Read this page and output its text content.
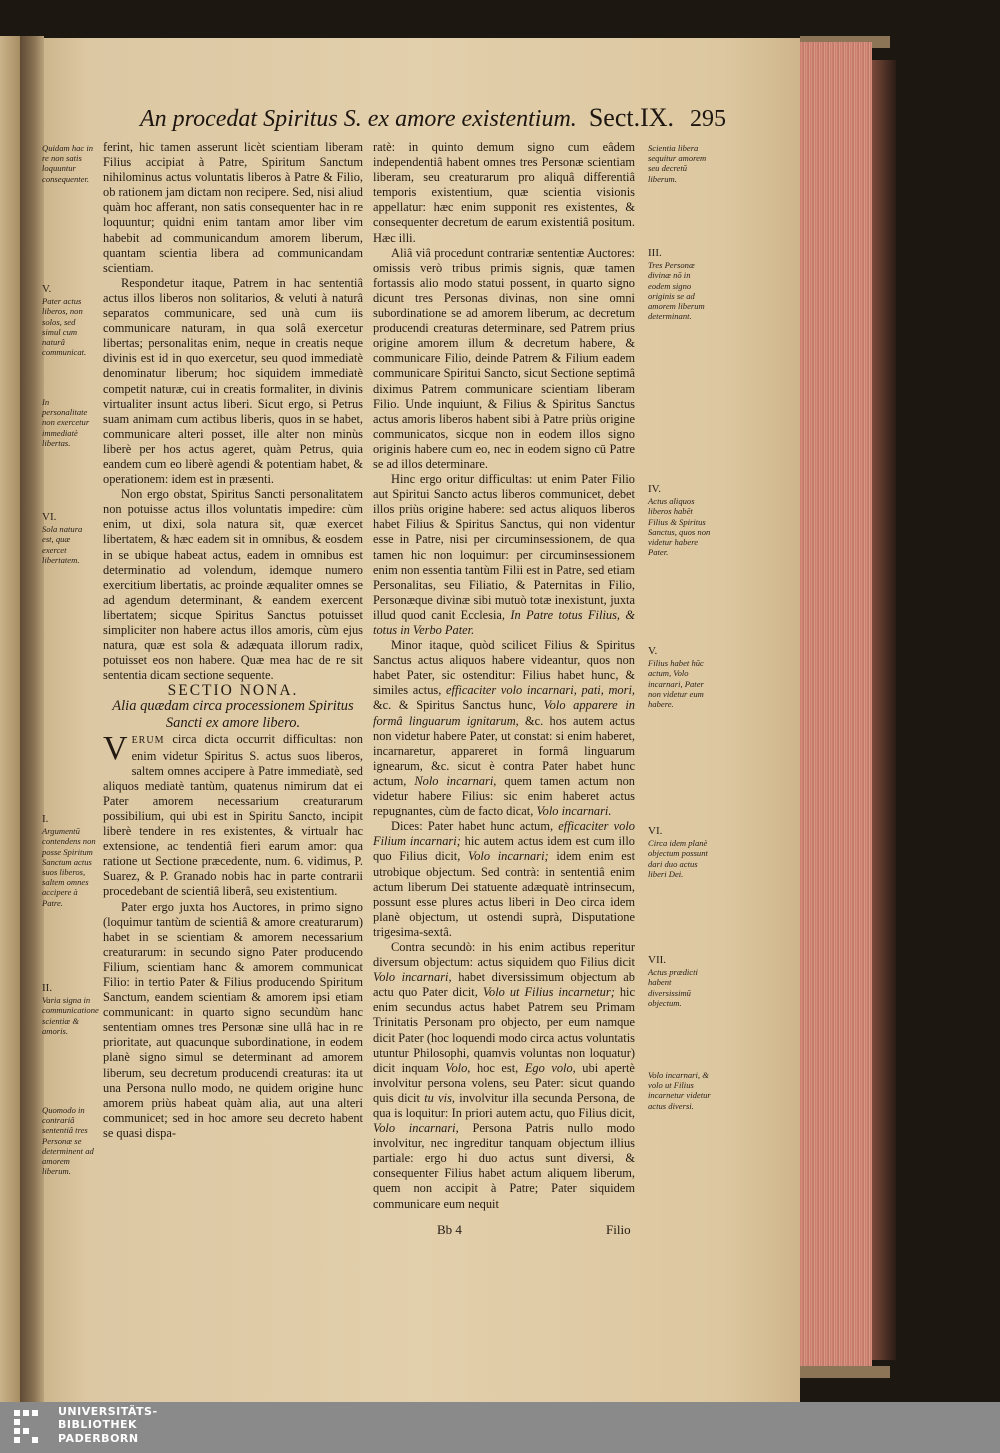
An procedat Spiritus S. ex amore existentium. Sect.IX. 295
Quidam hac in re non satis loquuntur consequenter.
V.
Pater actus liberos, non solos, sed simul cum naturâ communicat.
In personalitate non exercetur immediatè libertas.
VI.
Sola natura est, quæ exercet libertatem.
I.
Argumentū contendens non posse Spiritum Sanctum actus suos liberos, saltem omnes accipere à Patre.
II.
Varia signa in communicatione scientiæ & amoris.
Quomodo in contrariâ sententiâ tres Personæ se determinent ad amorem liberum.

ferint, hic tamen asserunt licèt scientiam liberam Filius accipiat à Patre, Spiritum Sanctum nihilominus actus voluntatis liberos à Patre & Filio, ob rationem jam dictam non recipere. Sed, nisi aliud quàm hoc afferant, non satis consequenter hac in re loquuntur; quidni enim tantam amor liber vim habebit ad communicandum amorem liberum, quantam scientia libera ad communicandam scientiam.

Respondetur itaque, Patrem in hac sententiâ actus illos liberos non solitarios, & veluti à naturâ separatos communicare, sed unà cum iis communicare naturam, in qua solâ exercetur libertas; personalitas enim, neque in creatis neque divinis est id in quo exercetur, seu quod immediatè denominatur liberum; hoc siquidem immediatè competit naturæ, cui in creatis formaliter, in divinis virtualiter insunt actus liberi. Sicut ergo, si Petrus suam animam cum actibus liberis, quos in se habet, communicare alteri posset, ille alter non minùs liberè per hos actus ageret, quàm Petrus, quia eandem cum eo liberè agendi & potentiam habet, & operationem: idem est in præsenti.

Non ergo obstat, Spiritus Sancti personalitatem non potuisse actus illos voluntatis impedire: cùm enim, ut dixi, sola natura sit, quæ exercet libertatem, & hæc eadem sit in omnibus, & eosdem in se ubique habeat actus, eadem in omnibus est determinatio ad volendum, idemque numero exercitium libertatis, ac proinde æqualiter omnes se ad agendum determinant, & eandem exercent libertatem; sicque Spiritus Sanctus potuisset simpliciter non habere actus illos amoris, cùm ejus natura, quæ est sola & adæquata illorum radix, potuisset eos non habere. Quæ mea hac de re sit sententia dicam sectione sequente.

SECTIO NONA.

Alia quædam circa processionem Spiritus Sancti ex amore libero.

VERUM circa dicta occurrit difficultas: non enim videtur Spiritus S. actus suos liberos, saltem omnes accipere à Patre immediatè, sed aliquos mediatè tantùm, quatenus nimirum dat ei Pater amorem necessarium creaturarum possibilium, qui ubi est in Spiritu Sancto, incipit liberè tendere in res existentes, & virtualr hac extensione, ac tendentiâ fieri earum amor: qua ratione ut Sectione præcedente, num. 6. vidimus, P. Suarez, & P. Granado nobis hac in parte contrarii procedebant de scientiâ liberâ, seu existentium.

Pater ergo juxta hos Auctores, in primo signo (loquimur tantùm de scientiâ & amore creaturarum) habet in se scientiam & amorem necessarium creaturarum: in secundo signo Pater producendo Filium, scientiam hanc & amorem communicat Filio: in tertio Pater & Filius producendo Spiritum Sanctum, eandem scientiam & amorem ipsi etiam communicant: in quarto signo secundùm hanc sententiam omnes tres Personæ sine ullâ hac in re prioritate, aut quacunque subordinatione, in eodem planè signo simul se determinant ad amorem liberum, seu decretum producendi creaturas: ita ut una Persona nullo modo, ne quidem origine hunc amorem priùs habeat quàm alia, aut una alteri communicet; sed in hoc amore seu decreto habent se quasi dispa-

ratè: in quinto demum signo cum eâdem independentiâ habent omnes tres Personæ scientiam liberam, seu creaturarum pro aliquâ differentiâ temporis existentium, quæ scientia visionis appellatur: hæc enim supponit res existentes, & consequenter decretum de earum existentiâ positum. Hæc illi.

Aliâ viâ procedunt contrariæ sententiæ Auctores: omissis verò tribus primis signis, quæ tamen fortassis alio modo statui possent, in quarto signo dicunt tres Personas divinas, non sine omni subordinatione se ad amorem liberum, ac decretum producendi creaturas determinare, sed Patrem prius origine amorem illum & decretum habere, & communicare Filio, deinde Patrem & Filium eadem communicare Spiritui Sancto, sicut Sectione septimâ diximus Patrem communicare scientiam liberam Filio. Unde inquiunt, & Filius & Spiritus Sanctus actus amoris liberos habent sibi à Patre priùs origine communicatos, sicque non in eodem illos signo originis habere cum eo, nec in eodem signo cū Patre se ad illos determinare.

Hinc ergo oritur difficultas: ut enim Pater Filio aut Spiritui Sancto actus liberos communicet, debet illos priùs origine habere: sed actus aliquos liberos habet Filius & Spiritus Sanctus, qui non videntur esse in Patre, nisi per circuminsessionem, de qua tamen hic non loquimur: per circuminsessionem enim non essentia tantùm Filii est in Patre, sed etiam Personalitas, seu Filiatio, & Paternitas in Filio, Personæque divinæ sibi mutuò totæ inexistunt, juxta illud quod canit Ecclesia, In Patre totus Filius, & totus in Verbo Pater.

Minor itaque, quòd scilicet Filius & Spiritus Sanctus actus aliquos habere videantur, quos non habet Pater, sic ostenditur: Filius habet hunc, & similes actus, efficaciter volo incarnari, pati, mori, &c. & Spiritus Sanctus hunc, Volo apparere in formâ linguarum ignitarum, &c. hos autem actus non videtur habere Pater, ut constat: si enim haberet, incarnaretur, appareret in formâ linguarum ignearum, &c. sicut è contra Pater habet hunc actum, Nolo incarnari, quem tamen actum non videtur habere Filius: sic enim haberet actus repugnantes, cùm de facto dicat, Volo incarnari.

Dices: Pater habet hunc actum, efficaciter volo Filium incarnari; hic autem actus idem est cum illo quo Filius dicit, Volo incarnari; idem enim est utrobique objectum. Sed contrà: in sententiâ enim actum liberum Dei statuente adæquatè intrinsecum, possunt esse plures actus liberi in Deo circa idem planè objectum, ut ostendi suprà, Disputatione trigesima-sextâ.

Contra secundò: in his enim actibus reperitur diversum objectum: actus siquidem quo Filius dicit Volo incarnari, habet diversissimum objectum ab actu quo Pater dicit, Volo ut Filius incarnetur; hic enim secundus actus habet Patrem seu Primam Trinitatis Personam pro objecto, per eum namque dicit Pater (hoc loquendi modo circa actus voluntatis utuntur Philosophi, quamvis voluntas non loquatur) dicit inquam Volo, hoc est, Ego volo, ubi apertè involvitur persona volens, seu Pater: sicut quando quis dicit tu vis, involvitur illa secunda Persona, de qua is loquitur: In priori autem actu, quo Filius dicit, Volo incarnari, Persona Patris nullo modo involvitur, nec ingreditur tanquam objectum illius partiale: ergo hi duo actus sunt diversi, & consequenter Filius habet actum aliquem liberum, quem non accipit à Patre; Pater siquidem communicare eum nequit

Scientia libera sequitur amorem seu decretū liberum.
III.
Tres Personæ divinæ nō in eodem signo originis se ad amorem liberum determinant.
IV.
Actus aliquos liberos habēt Filius & Spiritus Sanctus, quos non videtur habere Pater.
V.
Filius habet hūc actum, Volo incarnari, Pater non videtur eum habere.
VI.
Circa idem planè objectum possunt dari duo actus liberi Dei.
VII.
Actus prædicti habent diversissimū objectum.
Volo incarnari, & volo ut Filius incarnetur videtur actus diversi.
Bb 4	Filio
UNIVERSITÄTS-
BIBLIOTHEK
PADERBORN
